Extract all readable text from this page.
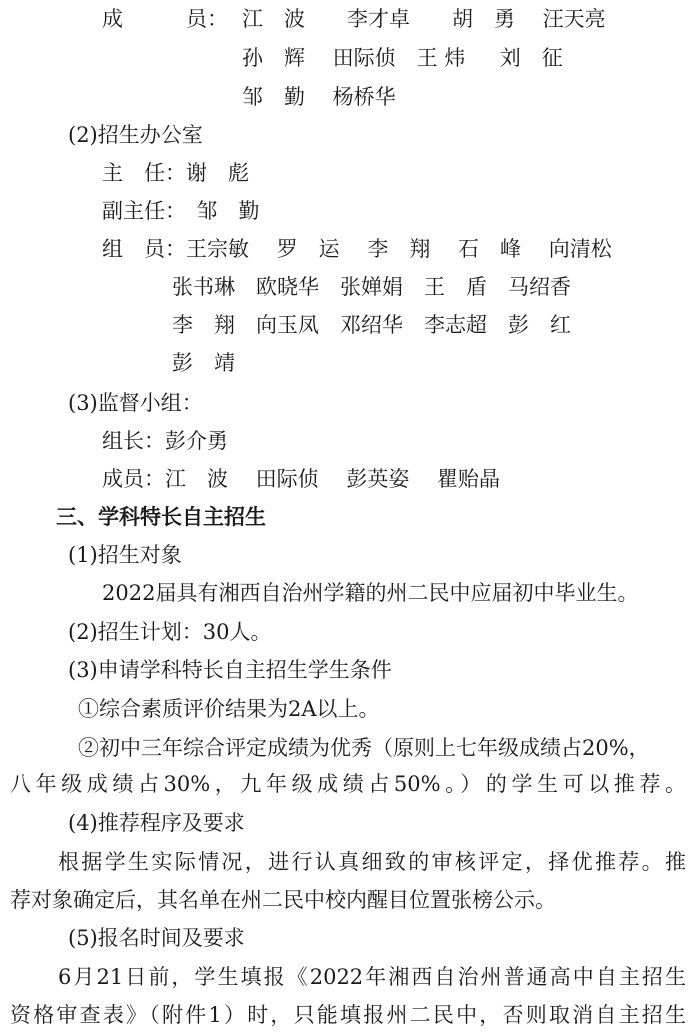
成　　　员： 江　波　　李才卓　　胡　勇　 汪天亮
孙　辉　 田际侦　王 炜 　 刘　征
邹　勤　 杨桥华
(2)招生办公室
主　任：谢　彪
副主任：　邹　勤
组　员：王宗敏　 罗　运　 李　翔　 石　峰　 向清松
张书琳　欧晓华　张婵娟　王　盾　马绍香
李　翔　向玉凤　邓绍华　李志超　彭　红
彭　靖
(3)监督小组：
组长：彭介勇
成员：江　波　 田际侦　 彭英姿　 瞿贻晶
三、学科特长自主招生
(1)招生对象
2022届具有湘西自治州学籍的州二民中应届初中毕业生。
(2)招生计划：30人。
(3)申请学科特长自主招生学生条件
①综合素质评价结果为2A以上。
②初中三年综合评定成绩为优秀（原则上七年级成绩占20%，
八年级成绩占30%，九年级成绩占50%。）的学生可以推荐。
(4)推荐程序及要求
根据学生实际情况，进行认真细致的审核评定，择优推荐。推
荐对象确定后，其名单在州二民中校内醒目位置张榜公示。
(5)报名时间及要求
6月21日前，学生填报《2022年湘西自治州普通高中自主招生
资格审查表》（附件1）时，只能填报州二民中，否则取消自主招生
